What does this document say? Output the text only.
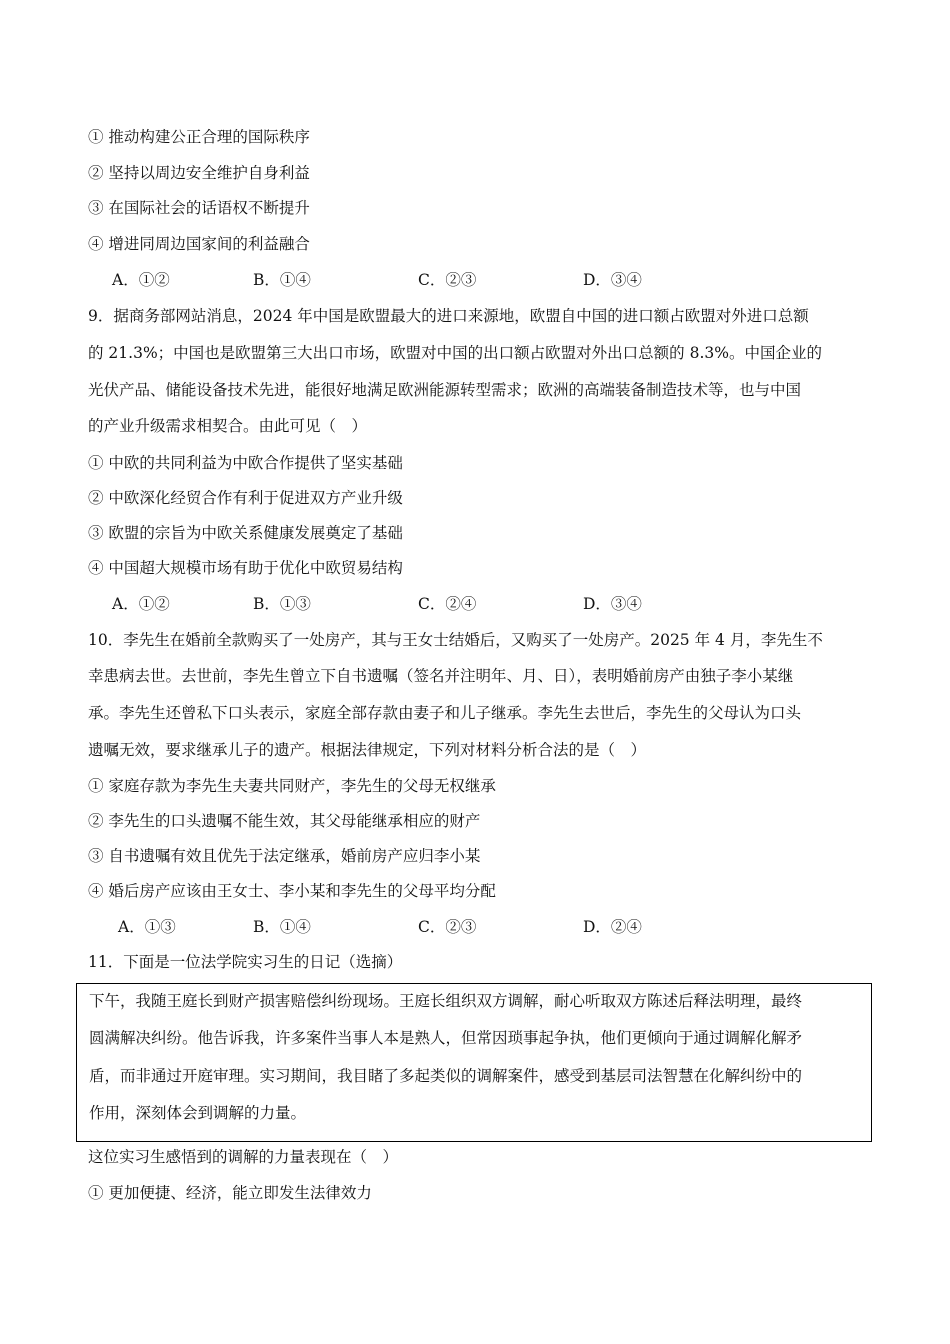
① 推动构建公正合理的国际秩序
② 坚持以周边安全维护自身利益
③ 在国际社会的话语权不断提升
④ 增进同周边国家间的利益融合
A．①②	B．①④	C．②③	D．③④
9．据商务部网站消息，2024 年中国是欧盟最大的进口来源地，欧盟自中国的进口额占欧盟对外进口总额
的 21.3%；中国也是欧盟第三大出口市场，欧盟对中国的出口额占欧盟对外出口总额的 8.3%。中国企业的
光伏产品、储能设备技术先进，能很好地满足欧洲能源转型需求；欧洲的高端装备制造技术等，也与中国
的产业升级需求相契合。由此可见（　）
① 中欧的共同利益为中欧合作提供了坚实基础
② 中欧深化经贸合作有利于促进双方产业升级
③ 欧盟的宗旨为中欧关系健康发展奠定了基础
④ 中国超大规模市场有助于优化中欧贸易结构
A．①②	B．①③	C．②④	D．③④
10．李先生在婚前全款购买了一处房产，其与王女士结婚后，又购买了一处房产。2025 年 4 月，李先生不
幸患病去世。去世前，李先生曾立下自书遗嘱（签名并注明年、月、日），表明婚前房产由独子李小某继
承。李先生还曾私下口头表示，家庭全部存款由妻子和儿子继承。李先生去世后，李先生的父母认为口头
遗嘱无效，要求继承儿子的遗产。根据法律规定，下列对材料分析合法的是（　）
① 家庭存款为李先生夫妻共同财产，李先生的父母无权继承
② 李先生的口头遗嘱不能生效，其父母能继承相应的财产
③ 自书遗嘱有效且优先于法定继承，婚前房产应归李小某
④ 婚后房产应该由王女士、李小某和李先生的父母平均分配
A．①③	B．①④	C．②③	D．②④
11．下面是一位法学院实习生的日记（选摘）
下午，我随王庭长到财产损害赔偿纠纷现场。王庭长组织双方调解，耐心听取双方陈述后释法明理，最终
圆满解决纠纷。他告诉我，许多案件当事人本是熟人，但常因琐事起争执，他们更倾向于通过调解化解矛
盾，而非通过开庭审理。实习期间，我目睹了多起类似的调解案件，感受到基层司法智慧在化解纠纷中的
作用，深刻体会到调解的力量。
这位实习生感悟到的调解的力量表现在（　）
① 更加便捷、经济，能立即发生法律效力
